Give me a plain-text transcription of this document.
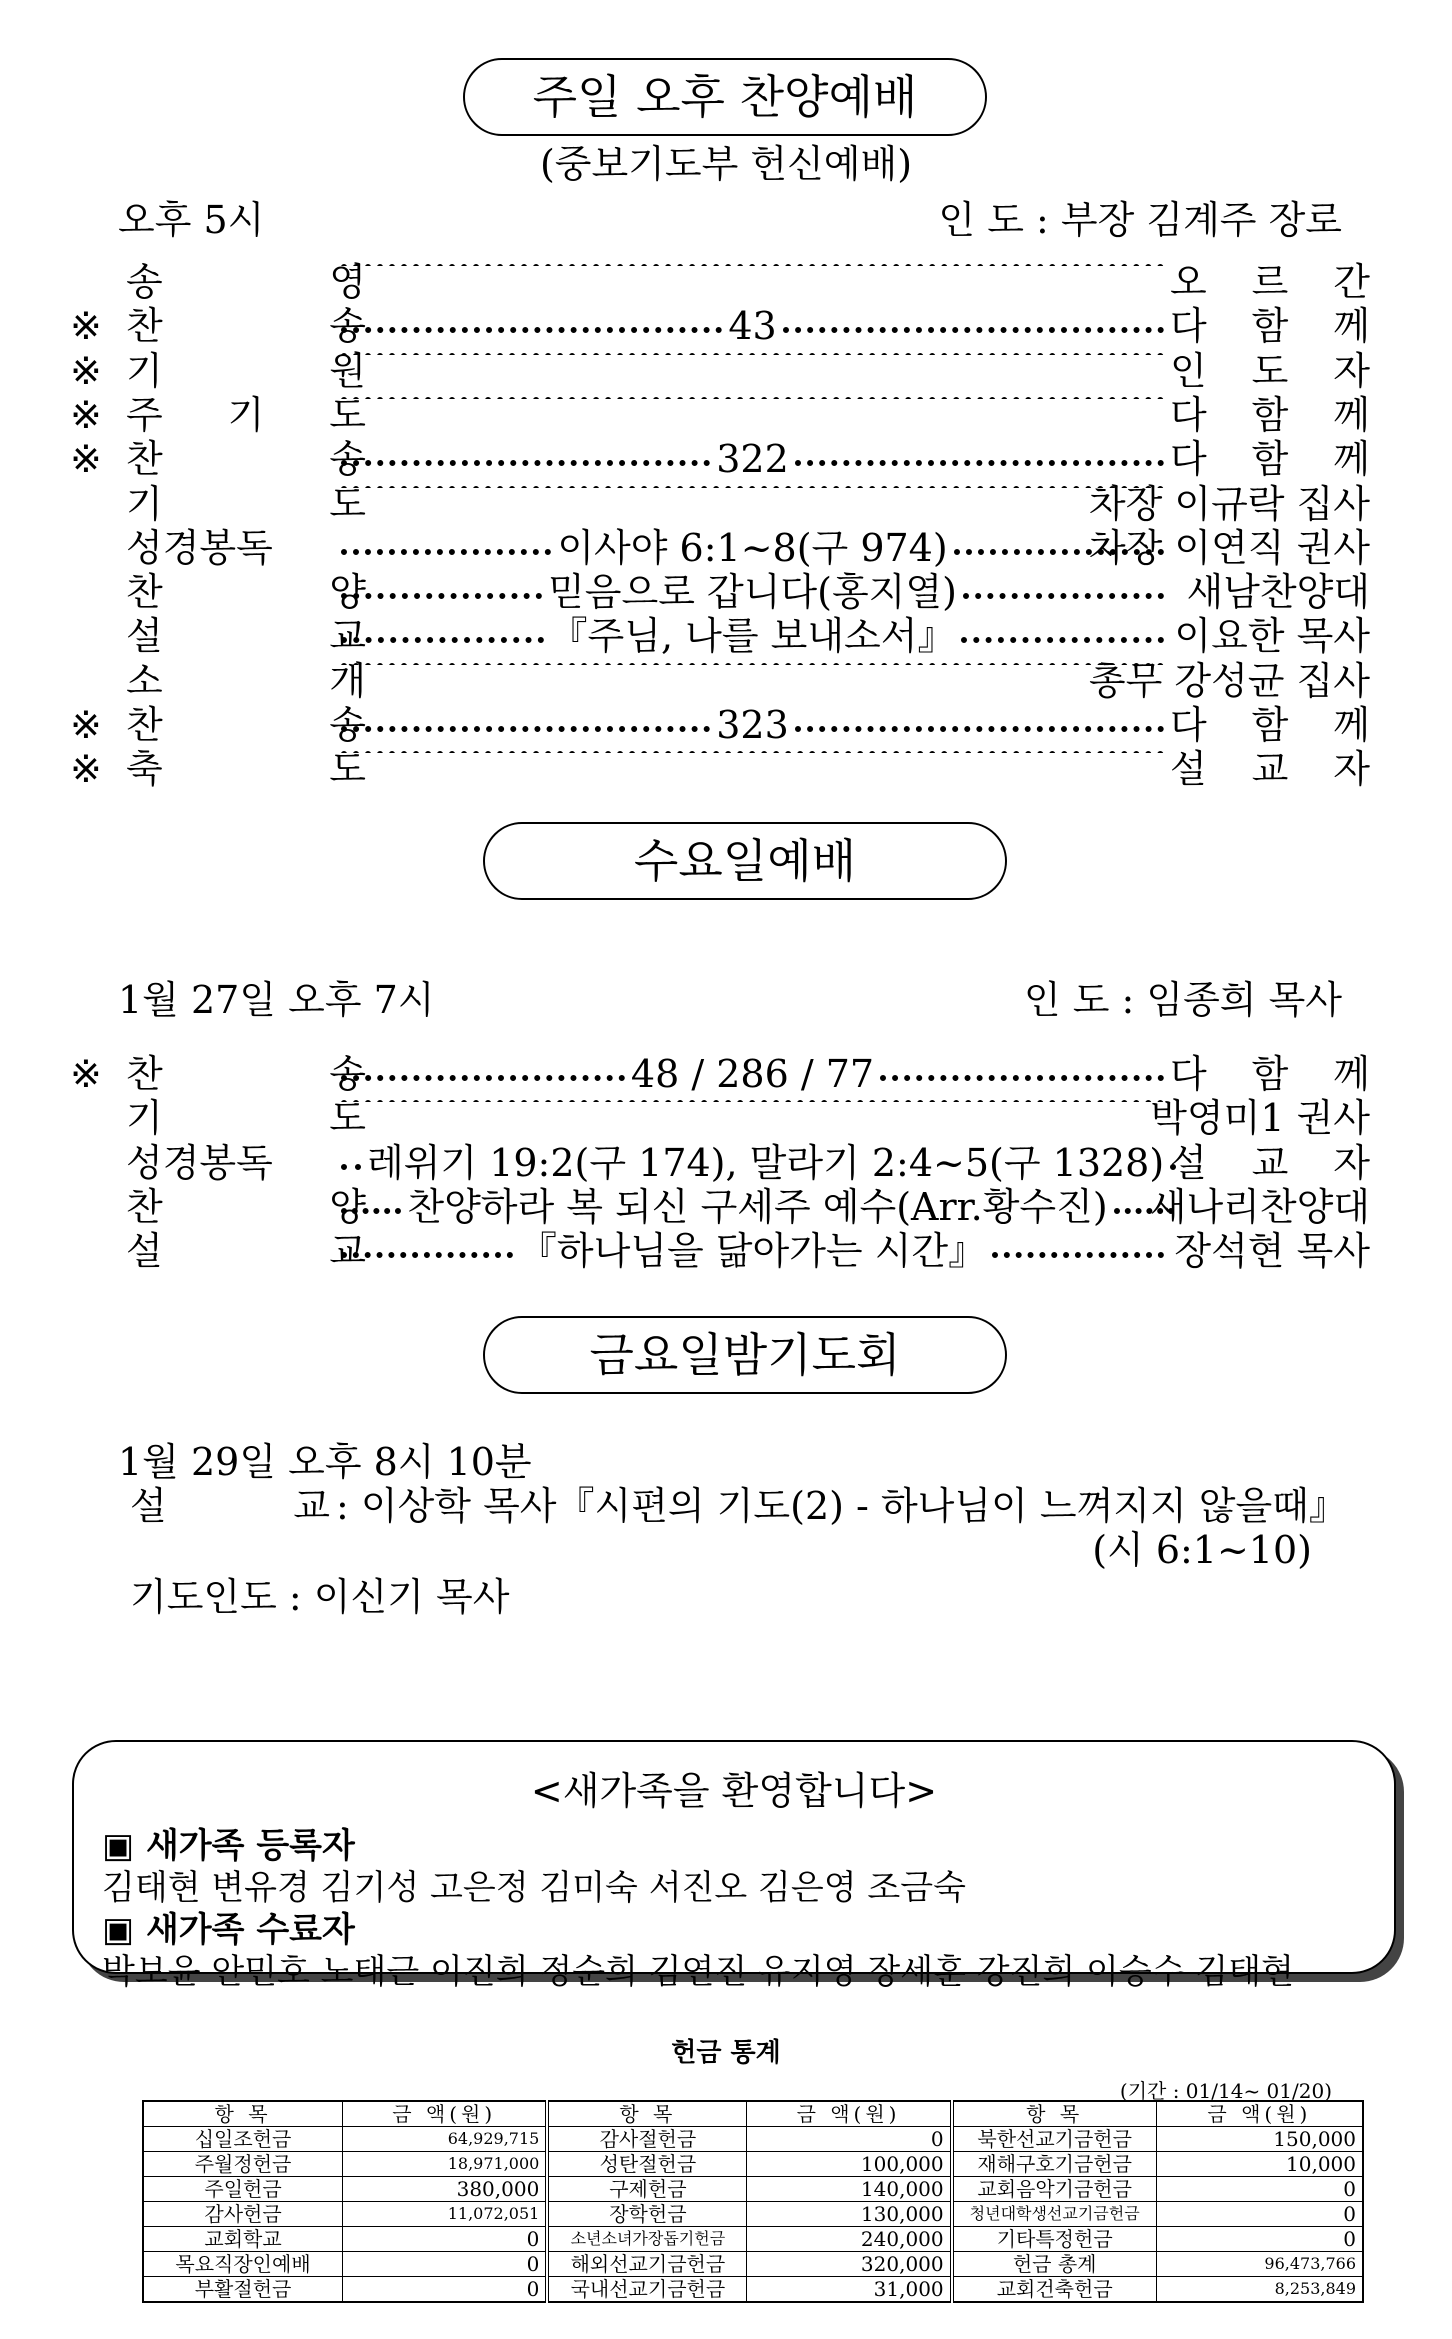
주일 오후 찬양예배
(중보기도부 헌신예배)
오후 5시	인 도 : 부장 김계주 장로
송	영	오 르 간
※ 찬	송	43	다 함 께
※ 기	원	인 도 자
※ 주 기 도	다 함 께
※ 찬	송	322	다 함 께
기	도	차장 이규락 집사
성경봉독	이사야 6:1~8(구 974)	차장 이연직 권사
찬	양	믿음으로 갑니다(홍지열)	새남찬양대
설	교	『주님, 나를 보내소서』	이요한 목사
소	개	총무 강성균 집사
※ 찬	송	323	다 함 께
※ 축	도	설 교 자
수요일예배
1월 27일 오후 7시	인 도 : 임종희 목사
※ 찬	송	48 / 286 / 77	다 함 께
기	도	박영미1 권사
성경봉독 레위기 19:2(구 174), 말라기 2:4~5(구 1328) 설 교 자
찬	양 찬양하라 복 되신 구세주 예수(Arr.황수진)	새나리찬양대
설	교	『하나님을 닮아가는 시간』	장석현 목사
금요일밤기도회
1월 29일 오후 8시 10분
설	교 : 이상학 목사『시편의 기도(2) - 하나님이 느껴지지 않을때』
(시 6:1~10)
기도인도 : 이신기 목사
<새가족을 환영합니다>
▣ 새가족 등록자
김태현 변유경 김기성 고은정 김미숙 서진오 김은영 조금숙
▣ 새가족 수료자
박보윤 안민호 노태근 이진희 정순희 김연진 유지영 장세훈 강진희 이승수 김태현
헌금 통계
(기간 : 01/14~ 01/20)
항 목	금 액(원)	항 목	금 액(원)	항 목	금 액(원)
십일조헌금	64,929,715	감사절헌금	0	북한선교기금헌금	150,000
주월정헌금	18,971,000	성탄절헌금	100,000	재해구호기금헌금	10,000
주일헌금	380,000	구제헌금	140,000	교회음악기금헌금	0
감사헌금	11,072,051	장학헌금	130,000	청년대학생선교기금헌금	0
교회학교	0	소년소녀가장돕기헌금	240,000	기타특정헌금	0
목요직장인예배	0	해외선교기금헌금	320,000	헌금 총계	96,473,766
부활절헌금	0	국내선교기금헌금	31,000	교회건축헌금	8,253,849
